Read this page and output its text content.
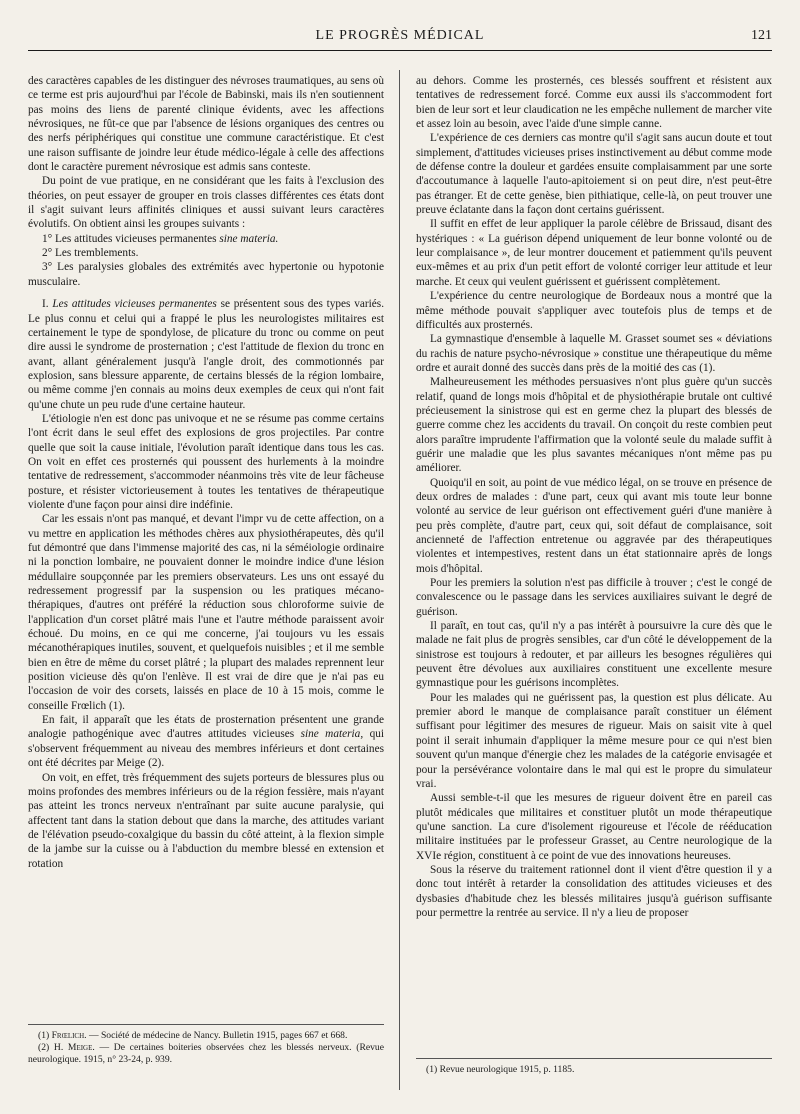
LE PROGRÈS MÉDICAL	121

des caractères capables de les distinguer des névroses traumatiques, au sens où ce terme est pris aujourd'hui par l'école de Babinski, mais ils n'en soutiennent pas moins des liens de parenté clinique évidents, avec les affections névrosiques, ne fût-ce que par l'absence de lésions organiques des centres ou des nerfs périphériques qui constitue une commune caractéristique. Et c'est une raison suffisante de joindre leur étude médico-légale à celle des affections dont le caractère purement névrosique est admis sans conteste.

Du point de vue pratique, en ne considérant que les faits à l'exclusion des théories, on peut essayer de grouper en trois classes différentes ces états dont il s'agit suivant leurs affinités cliniques et aussi suivant leurs caractères évolutifs. On obtient ainsi les groupes suivants :

1° Les attitudes vicieuses permanentes sine materia.

2° Les tremblements.

3° Les paralysies globales des extrémités avec hypertonie ou hypotonie musculaire.

I. Les attitudes vicieuses permanentes se présentent sous des types variés. Le plus connu et celui qui a frappé le plus les neurologistes militaires est certainement le type de spondylose, de plicature du tronc ou comme on peut dire aussi le syndrome de prosternation ; c'est l'attitude de flexion du tronc en avant, allant généralement jusqu'à l'angle droit, des commotionnés par explosion, sans blessure apparente, de certains blessés de la région lombaire, ou même comme j'en connais au moins deux exemples de ceux qui n'ont fait qu'une chute un peu rude d'une certaine hauteur.

L'étiologie n'en est donc pas univoque et ne se résume pas comme certains l'ont écrit dans le seul effet des explosions de gros projectiles. Par contre quelle que soit la cause initiale, l'évolution paraît identique dans tous les cas. On voit en effet ces prosternés qui poussent des hurlements à la moindre tentative de redressement, s'accommoder néanmoins très vite de leur fâcheuse posture, et résister victorieusement à toutes les tentatives de thérapeutique violente d'une façon pour ainsi dire indéfinie.

Car les essais n'ont pas manqué, et devant l'impr vu de cette affection, on a vu mettre en application les méthodes chères aux physiothérapeutes, dès qu'il fut démontré que dans l'immense majorité des cas, ni la séméiologie ordinaire ni la ponction lombaire, ne pouvaient donner le moindre indice d'une lésion médullaire soupçonnée par les premiers observateurs. Les uns ont essayé du redressement progressif par la suspension ou les pratiques mécano-thérapiques, d'autres ont préféré la réduction sous chloroforme suivie de l'application d'un corset plâtré mais l'une et l'autre méthode paraissent avoir échoué. Du moins, en ce qui me concerne, j'ai toujours vu les essais mécanothérapiques inutiles, souvent, et quelquefois nuisibles ; et il me semble bien en être de même du corset plâtré ; la plupart des malades reprennent leur position vicieuse dès qu'on l'enlève. Il est vrai de dire que je n'ai pas eu l'occasion de voir des corsets, laissés en place de 10 à 15 mois, comme le conseille Frœlich (1).

En fait, il apparaît que les états de prosternation présentent une grande analogie pathogénique avec d'autres attitudes vicieuses sine materia, qui s'observent fréquemment au niveau des membres inférieurs et dont certaines ont été décrites par Meige (2).

On voit, en effet, très fréquemment des sujets porteurs de blessures plus ou moins profondes des membres inférieurs ou de la région fessière, mais n'ayant pas atteint les troncs nerveux n'entraînant par suite aucune paralysie, qui affectent tant dans la station debout que dans la marche, des attitudes variant de l'élévation pseudo-coxalgique du bassin du côté atteint, à la flexion simple de la jambe sur la cuisse ou à l'abduction du membre blessé en extension et rotation

au dehors. Comme les prosternés, ces blessés souffrent et résistent aux tentatives de redressement forcé. Comme eux aussi ils s'accommodent fort bien de leur sort et leur claudication ne les empêche nullement de marcher vite et assez loin au besoin, avec l'aide d'une simple canne.

L'expérience de ces derniers cas montre qu'il s'agit sans aucun doute et tout simplement, d'attitudes vicieuses prises instinctivement au début comme mode de défense contre la douleur et gardées ensuite complaisamment par une sorte d'accoutumance à laquelle l'auto-apitoiement si on peut dire, n'est peut-être pas étranger. Et de cette genèse, bien pithiatique, celle-là, on peut trouver une preuve éclatante dans la façon dont certains guérissent.

Il suffit en effet de leur appliquer la parole célèbre de Brissaud, disant des hystériques : « La guérison dépend uniquement de leur bonne volonté ou de leur complaisance », de leur montrer doucement et patiemment qu'ils peuvent eux-mêmes et au prix d'un petit effort de volonté corriger leur attitude et leur marche. Et ceux qui veulent guérissent et guérissent complètement.

L'expérience du centre neurologique de Bordeaux nous a montré que la même méthode pouvait s'appliquer avec toutefois plus de temps et de difficultés aux prosternés.

La gymnastique d'ensemble à laquelle M. Grasset soumet ses « déviations du rachis de nature psycho-névrosique » constitue une thérapeutique du même ordre et aurait donné des succès dans près de la moitié des cas (1).

Malheureusement les méthodes persuasives n'ont plus guère qu'un succès relatif, quand de longs mois d'hôpital et de physiothérapie brutale ont cultivé précieusement la sinistrose qui est en germe chez la plupart des blessés de guerre comme chez les accidents du travail. On conçoit du reste combien peut alors paraître imprudente l'affirmation que la volonté seule du malade suffit à guérir une maladie que les plus savantes mécaniques n'ont même pas pu améliorer.

Quoiqu'il en soit, au point de vue médico légal, on se trouve en présence de deux ordres de malades : d'une part, ceux qui avant mis toute leur bonne volonté au service de leur guérison ont effectivement guéri d'une manière à peu près complète, d'autre part, ceux qui, soit défaut de complaisance, soit ancienneté de l'affection entretenue ou aggravée par des thérapeutiques violentes et intempestives, restent dans un état stationnaire après de longs mois d'hôpital.

Pour les premiers la solution n'est pas difficile à trouver ; c'est le congé de convalescence ou le passage dans les services auxiliaires suivant le degré de guérison.

Il paraît, en tout cas, qu'il n'y a pas intérêt à poursuivre la cure dès que le malade ne fait plus de progrès sensibles, car d'un côté le développement de la sinistrose est toujours à redouter, et par ailleurs les besognes régulières qui peuvent être dévolues aux auxiliaires constituent une excellente mesure gymnastique pour les guérisons incomplètes.

Pour les malades qui ne guérissent pas, la question est plus délicate. Au premier abord le manque de complaisance paraît constituer un élément suffisant pour légitimer des mesures de rigueur. Mais on saisit vite à quel point il serait inhumain d'appliquer la même mesure pour ce qui n'est bien souvent qu'un manque d'énergie chez les malades de la catégorie envisagée et pour la persévérance volontaire dans le mal qui est le propre du simulateur vrai.

Aussi semble-t-il que les mesures de rigueur doivent être en pareil cas plutôt médicales que militaires et constituer plutôt un mode thérapeutique qu'une sanction. La cure d'isolement rigoureuse et l'école de rééducation militaire instituées par le professeur Grasset, au Centre neurologique de la XVIe région, constituent à ce point de vue des innovations heureuses.

Sous la réserve du traitement rationnel dont il vient d'être question il y a donc tout intérêt à retarder la consolidation des attitudes vicieuses et des dysbasies d'habitude chez les blessés militaires jusqu'à guérison suffisante pour permettre la rentrée au service. Il n'y a lieu de proposer

(1) Frœlich. — Société de médecine de Nancy. Bulletin 1915, pages 667 et 668.

(2) H. Meige. — De certaines boiteries observées chez les blessés nerveux. (Revue neurologique. 1915, n° 23-24, p. 939.

(1) Revue neurologique 1915, p. 1185.
